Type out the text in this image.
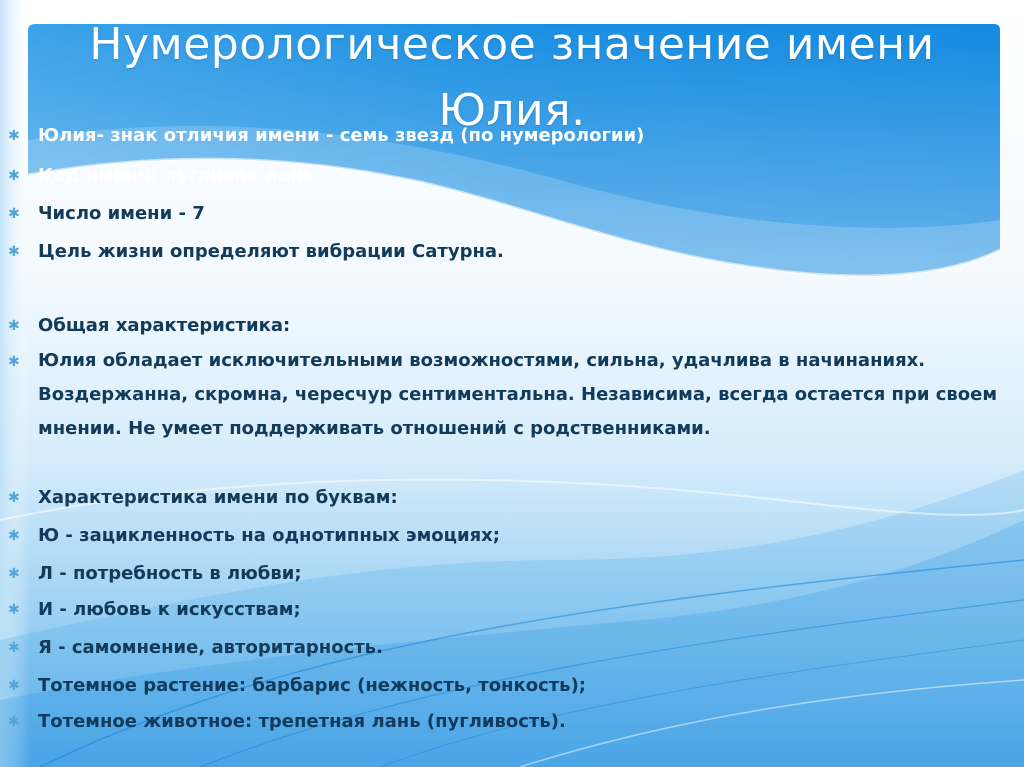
Нумерологическое значение имени Юлия.
✱	Юлия- знак отличия имени - семь звезд (по нумерологии)
✱	Код имени: пугливая лань
✱	Число имени - 7
✱	Цель жизни определяют вибрации Сатурна.
✱	Общая характеристика:
✱	Юлия обладает исключительными возможностями, сильна, удачлива в начинаниях. Воздержанна, скромна, чересчур сентиментальна. Независима, всегда остается при своем мнении. Не умеет поддерживать отношений с родственниками.
✱	Характеристика имени по буквам:
✱	Ю - зацикленность на однотипных эмоциях;
✱	Л - потребность в любви;
✱	И - любовь к искусствам;
✱	Я - самомнение, авторитарность.
✱	Тотемное растение: барбарис (нежность, тонкость);
✱	Тотемное животное: трепетная лань (пугливость).
